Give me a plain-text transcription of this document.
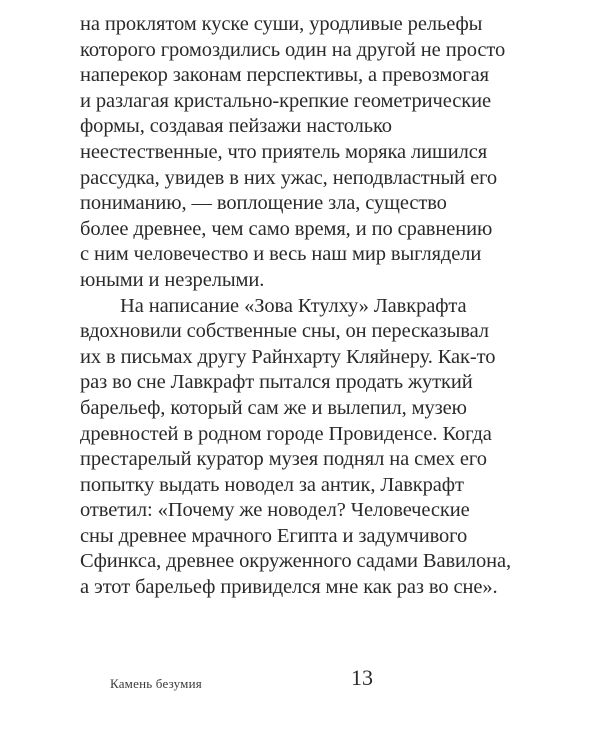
на проклятом куске суши, уродливые рельефы
которого громоздились один на другой не просто
наперекор законам перспективы, а превозмогая
и разлагая кристально-крепкие геометрические
формы, создавая пейзажи настолько
неестественные, что приятель моряка лишился
рассудка, увидев в них ужас, неподвластный его
пониманию, — воплощение зла, существо
более древнее, чем само время, и по сравнению
с ним человечество и весь наш мир выглядели
юными и незрелыми.
На написание «Зова Ктулху» Лавкрафта
вдохновили собственные сны, он пересказывал
их в письмах другу Райнхарту Кляйнеру. Как-то
раз во сне Лавкрафт пытался продать жуткий
барельеф, который сам же и вылепил, музею
древностей в родном городе Провиденсе. Когда
престарелый куратор музея поднял на смех его
попытку выдать новодел за антик, Лавкрафт
ответил: «Почему же новодел? Человеческие
сны древнее мрачного Египта и задумчивого
Сфинкса, древнее окруженного садами Вавилона,
а этот барельеф привиделся мне как раз во сне».
Камень безумия	13
